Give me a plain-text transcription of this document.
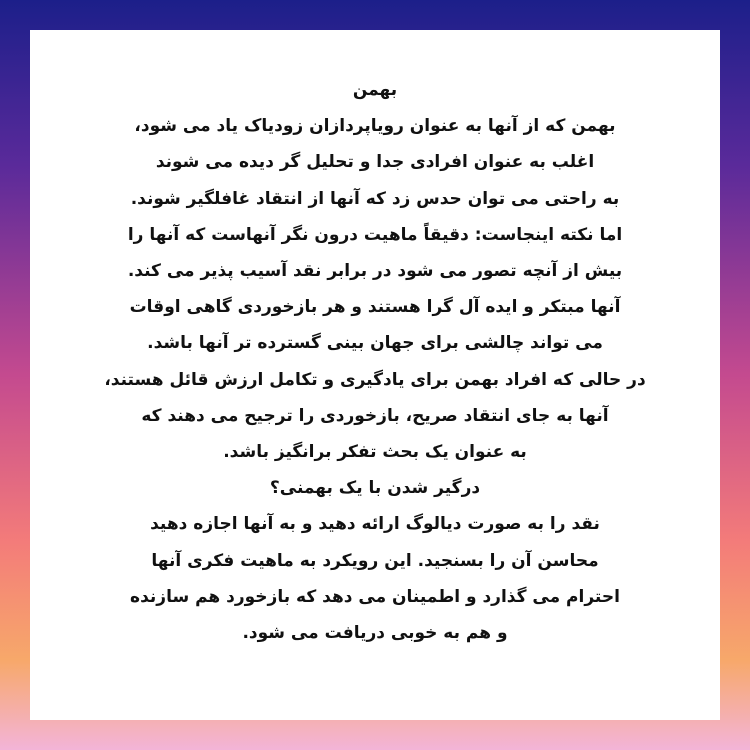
بهمن
بهمن که از آنها به عنوان رویاپردازان زودیاک یاد می شود،
اغلب به عنوان افرادی جدا و تحلیل گر دیده می شوند
به راحتی می توان حدس زد که آنها از انتقاد غافلگیر شوند.
اما نکته اینجاست: دقیقاً ماهیت درون نگر آنهاست که آنها را
بیش از آنچه تصور می شود در برابر نقد آسیب پذیر می کند.
آنها مبتکر و ایده آل گرا هستند و هر بازخوردی گاهی اوقات
می تواند چالشی برای جهان بینی گسترده تر آنها باشد.
در حالی که افراد بهمن برای یادگیری و تکامل ارزش قائل هستند،
آنها به جای انتقاد صریح، بازخوردی را ترجیح می دهند که
به عنوان یک بحث تفکر برانگیز باشد.
درگیر شدن با یک بهمنی؟
نقد را به صورت دیالوگ ارائه دهید و به آنها اجازه دهید
محاسن آن را بسنجید. این رویکرد به ماهیت فکری آنها
احترام می گذارد و اطمینان می دهد که بازخورد هم سازنده
و هم به خوبی دریافت می شود.
